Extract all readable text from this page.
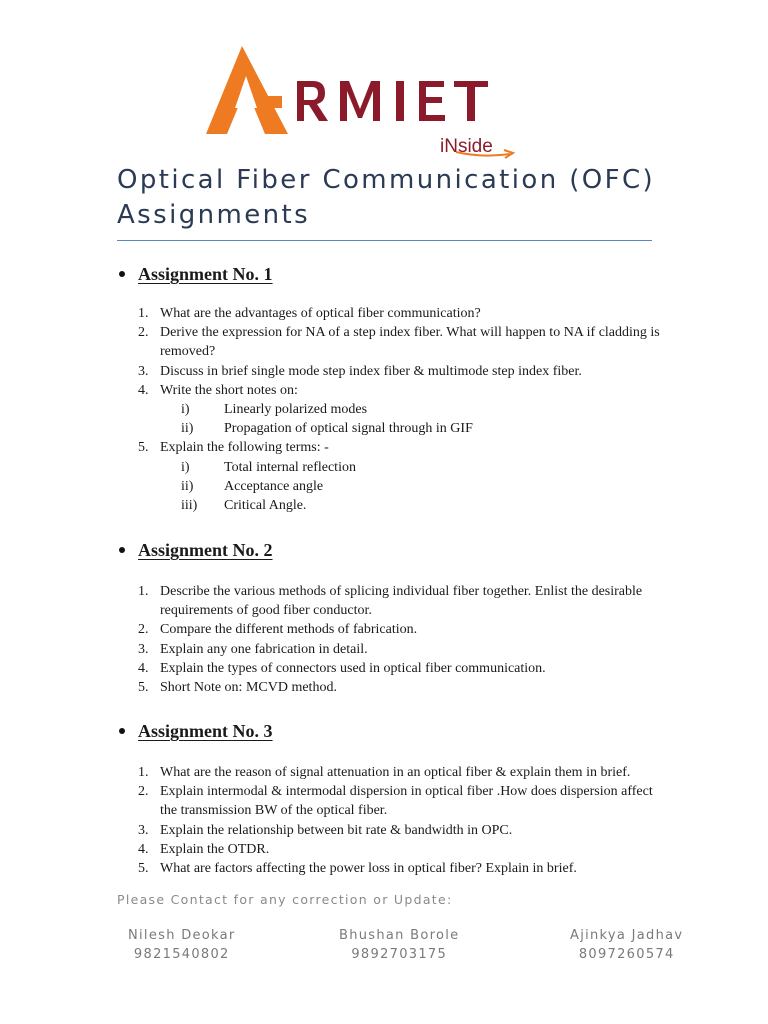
iNside
Optical Fiber Communication (OFC)
Assignments
Assignment No. 1
1. What are the advantages of optical fiber communication?
2. Derive the expression for NA of a step index fiber. What will happen to NA if cladding is removed?
3. Discuss in brief single mode step index fiber & multimode step index fiber.
4. Write the short notes on:
i) Linearly polarized modes
ii) Propagation of optical signal through in GIF
5. Explain the following terms: -
i) Total internal reflection
ii) Acceptance angle
iii) Critical Angle.
Assignment No. 2
1. Describe the various methods of splicing individual fiber together. Enlist the desirable requirements of good fiber conductor.
2. Compare the different methods of fabrication.
3. Explain any one fabrication in detail.
4. Explain the types of connectors used in optical fiber communication.
5. Short Note on: MCVD method.
Assignment No. 3
1. What are the reason of signal attenuation in an optical fiber & explain them in brief.
2. Explain intermodal & intermodal dispersion in optical fiber .How does dispersion affect the transmission BW of the optical fiber.
3. Explain the relationship between bit rate & bandwidth in OPC.
4. Explain the OTDR.
5. What are factors affecting the power loss in optical fiber? Explain in brief.
Please Contact for any correction or Update:
Nilesh Deokar
9821540802
Bhushan Borole
9892703175
Ajinkya Jadhav
8097260574
